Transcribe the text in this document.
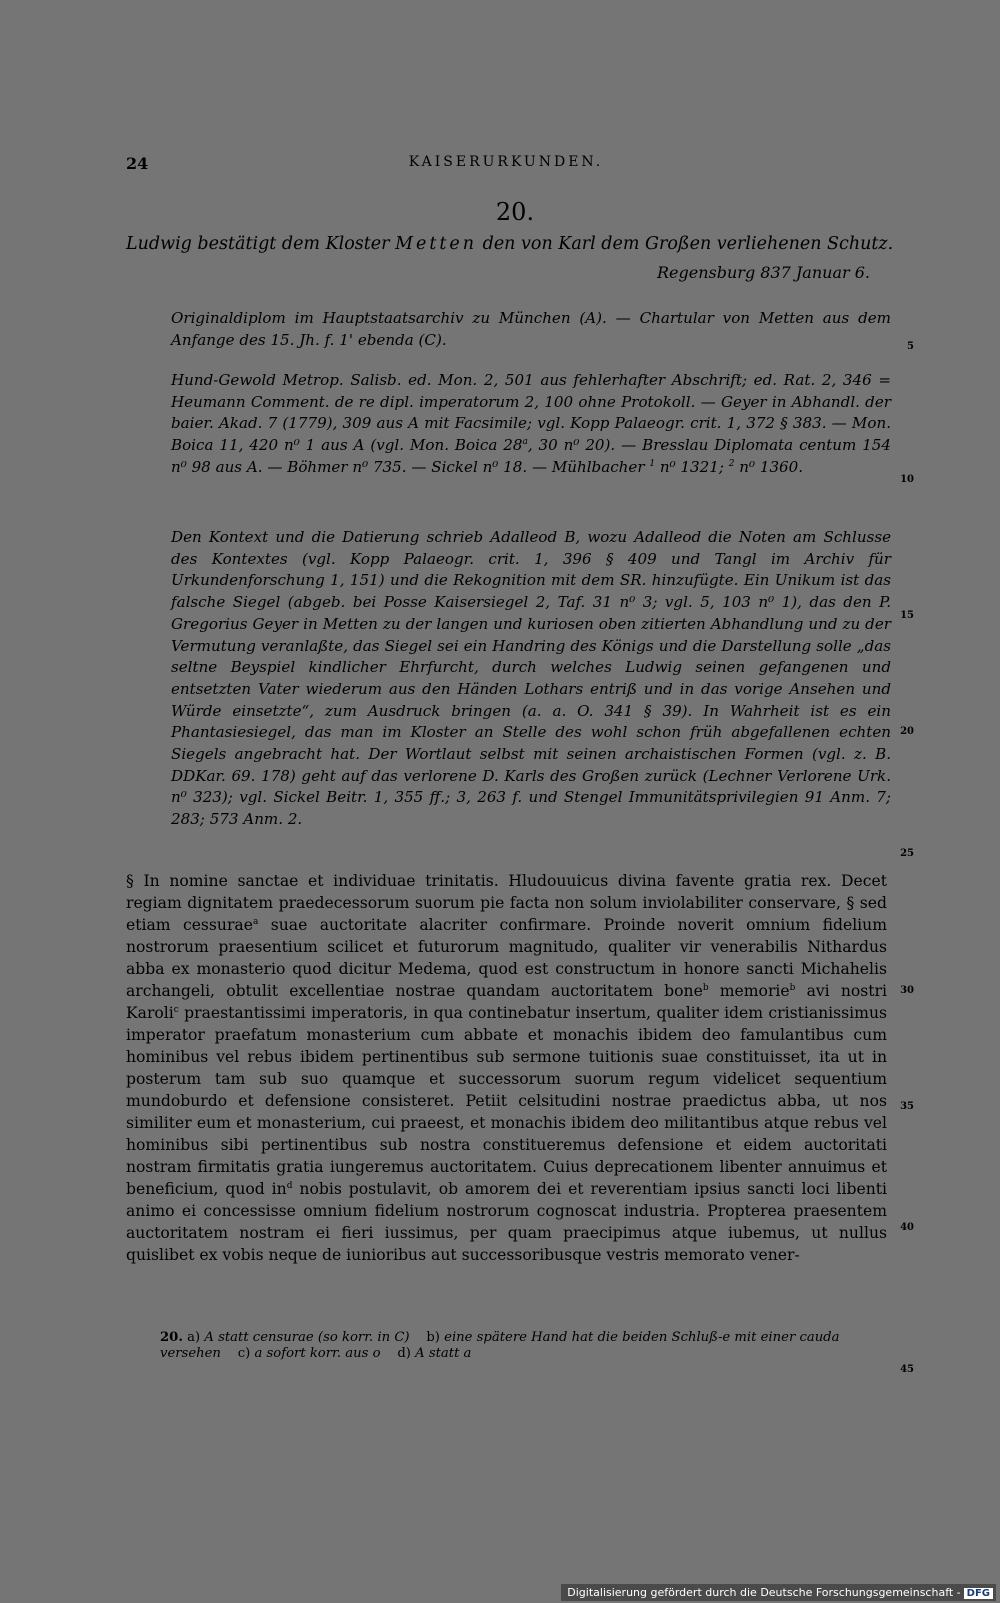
24	KAISERURKUNDEN.
20.
Ludwig bestätigt dem Kloster Metten den von Karl dem Großen verliehenen Schutz.
Regensburg 837 Januar 6.
Originaldiplom im Hauptstaatsarchiv zu München (A). — Chartular von Metten aus dem Anfange des 15. Jh. f. 1' ebenda (C).
Hund-Gewold Metrop. Salisb. ed. Mon. 2, 501 aus fehlerhafter Abschrift; ed. Rat. 2, 346 = Heumann Comment. de re dipl. imperatorum 2, 100 ohne Protokoll. — Geyer in Abhandl. der baier. Akad. 7 (1779), 309 aus A mit Facsimile; vgl. Kopp Palaeogr. crit. 1, 372 § 383. — Mon. Boica 11, 420 n⁰ 1 aus A (vgl. Mon. Boica 28$^a$, 30 n⁰ 20). — Bresslau Diplomata centum 154 n⁰ 98 aus A. — Böhmer n⁰ 735. — Sickel n⁰ 18. — Mühlbacher $^1$ n⁰ 1321; $^2$ n⁰ 1360.
Den Kontext und die Datierung schrieb Adalleod B, wozu Adalleod die Noten am Schlusse des Kontextes (vgl. Kopp Palaeogr. crit. 1, 396 § 409 und Tangl im Archiv für Urkundenforschung 1, 151) und die Rekognition mit dem SR. hinzufügte. Ein Unikum ist das falsche Siegel (abgeb. bei Posse Kaisersiegel 2, Taf. 31 n⁰ 3; vgl. 5, 103 n⁰ 1), das den P. Gregorius Geyer in Metten zu der langen und kuriosen oben zitierten Abhandlung und zu der Vermutung veranlaßte, das Siegel sei ein Handring des Königs und die Darstellung solle „das seltne Beyspiel kindlicher Ehrfurcht, durch welches Ludwig seinen gefangenen und entsetzten Vater wiederum aus den Händen Lothars entriß und in das vorige Ansehen und Würde einsetzte“, zum Ausdruck bringen (a. a. O. 341 § 39). In Wahrheit ist es ein Phantasiesiegel, das man im Kloster an Stelle des wohl schon früh abgefallenen echten Siegels angebracht hat. Der Wortlaut selbst mit seinen archaistischen Formen (vgl. z. B. DDKar. 69. 178) geht auf das verlorene D. Karls des Großen zurück (Lechner Verlorene Urk. n⁰ 323); vgl. Sickel Beitr. 1, 355 ff.; 3, 263 f. und Stengel Immunitätsprivilegien 91 Anm. 7; 283; 573 Anm. 2.
§ In nomine sanctae et individuae trinitatis. Hludouuicus divina favente gratia rex. Decet regiam dignitatem praedecessorum suorum pie facta non solum inviolabiliter conservare, § sed etiam cessurae$^a$ suae auctoritate alacriter confirmare. Proinde noverit omnium fidelium nostrorum praesentium scilicet et futurorum magnitudo, qualiter vir venerabilis Nithardus abba ex monasterio quod dicitur Medema, quod est constructum in honore sancti Michahelis archangeli, obtulit excellentiae nostrae quandam auctoritatem bone$^b$ memorie$^b$ avi nostri Karoli$^c$ praestantissimi imperatoris, in qua continebatur insertum, qualiter idem cristianissimus imperator praefatum monasterium cum abbate et monachis ibidem deo famulantibus cum hominibus vel rebus ibidem pertinentibus sub sermone tuitionis suae constituisset, ita ut in posterum tam sub suo quamque et successorum suorum regum videlicet sequentium mundoburdo et defensione consisteret. Petiit celsitudini nostrae praedictus abba, ut nos similiter eum et monasterium, cui praeest, et monachis ibidem deo militantibus atque rebus vel hominibus sibi pertinentibus sub nostra constitueremus defensione et eidem auctoritati nostram firmitatis gratia iungeremus auctoritatem. Cuius deprecationem libenter annuimus et beneficium, quod $in^d$ nobis postulavit, ob amorem dei et reverentiam ipsius sancti loci libenti animo ei concessisse omnium fidelium nostrorum cognoscat industria. Propterea praesentem auctoritatem nostram ei fieri iussimus, per quam praecipimus atque iubemus, ut nullus quislibet ex vobis neque de iunioribus aut successoribusque vestris memorato vener-
20. a) A statt censurae (so korr. in C) b) eine spätere Hand hat die beiden Schluß-e mit einer cauda versehen c) a sofort korr. aus o d) A statt a
5
10
15
20
25
30
35
40
45
Digitalisierung gefördert durch die Deutsche Forschungsgemeinschaft - DFG
